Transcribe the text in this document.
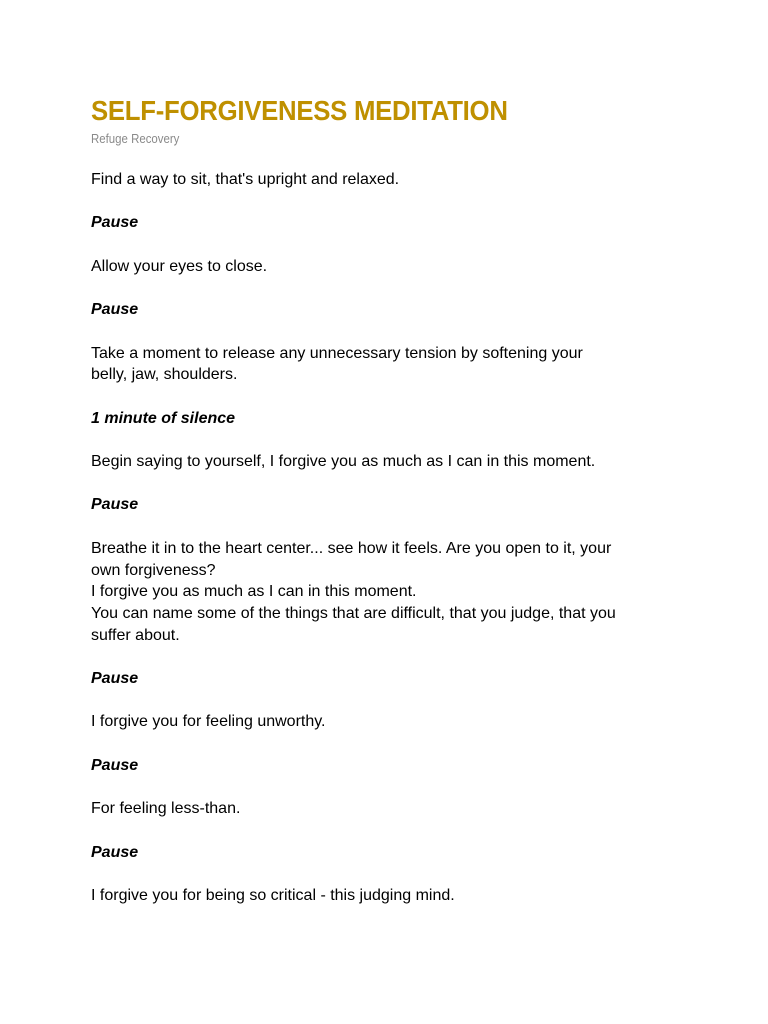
SELF-FORGIVENESS MEDITATION

Refuge Recovery

Find a way to sit, that's upright and relaxed.

Pause

Allow your eyes to close.

Pause

Take a moment to release any unnecessary tension by softening your
belly, jaw, shoulders.

1 minute of silence

Begin saying to yourself, I forgive you as much as I can in this moment.

Pause

Breathe it in to the heart center... see how it feels. Are you open to it, your
own forgiveness?
I forgive you as much as I can in this moment.
You can name some of the things that are difficult, that you judge, that you
suffer about.

Pause

I forgive you for feeling unworthy.

Pause

For feeling less-than.

Pause

I forgive you for being so critical - this judging mind.
